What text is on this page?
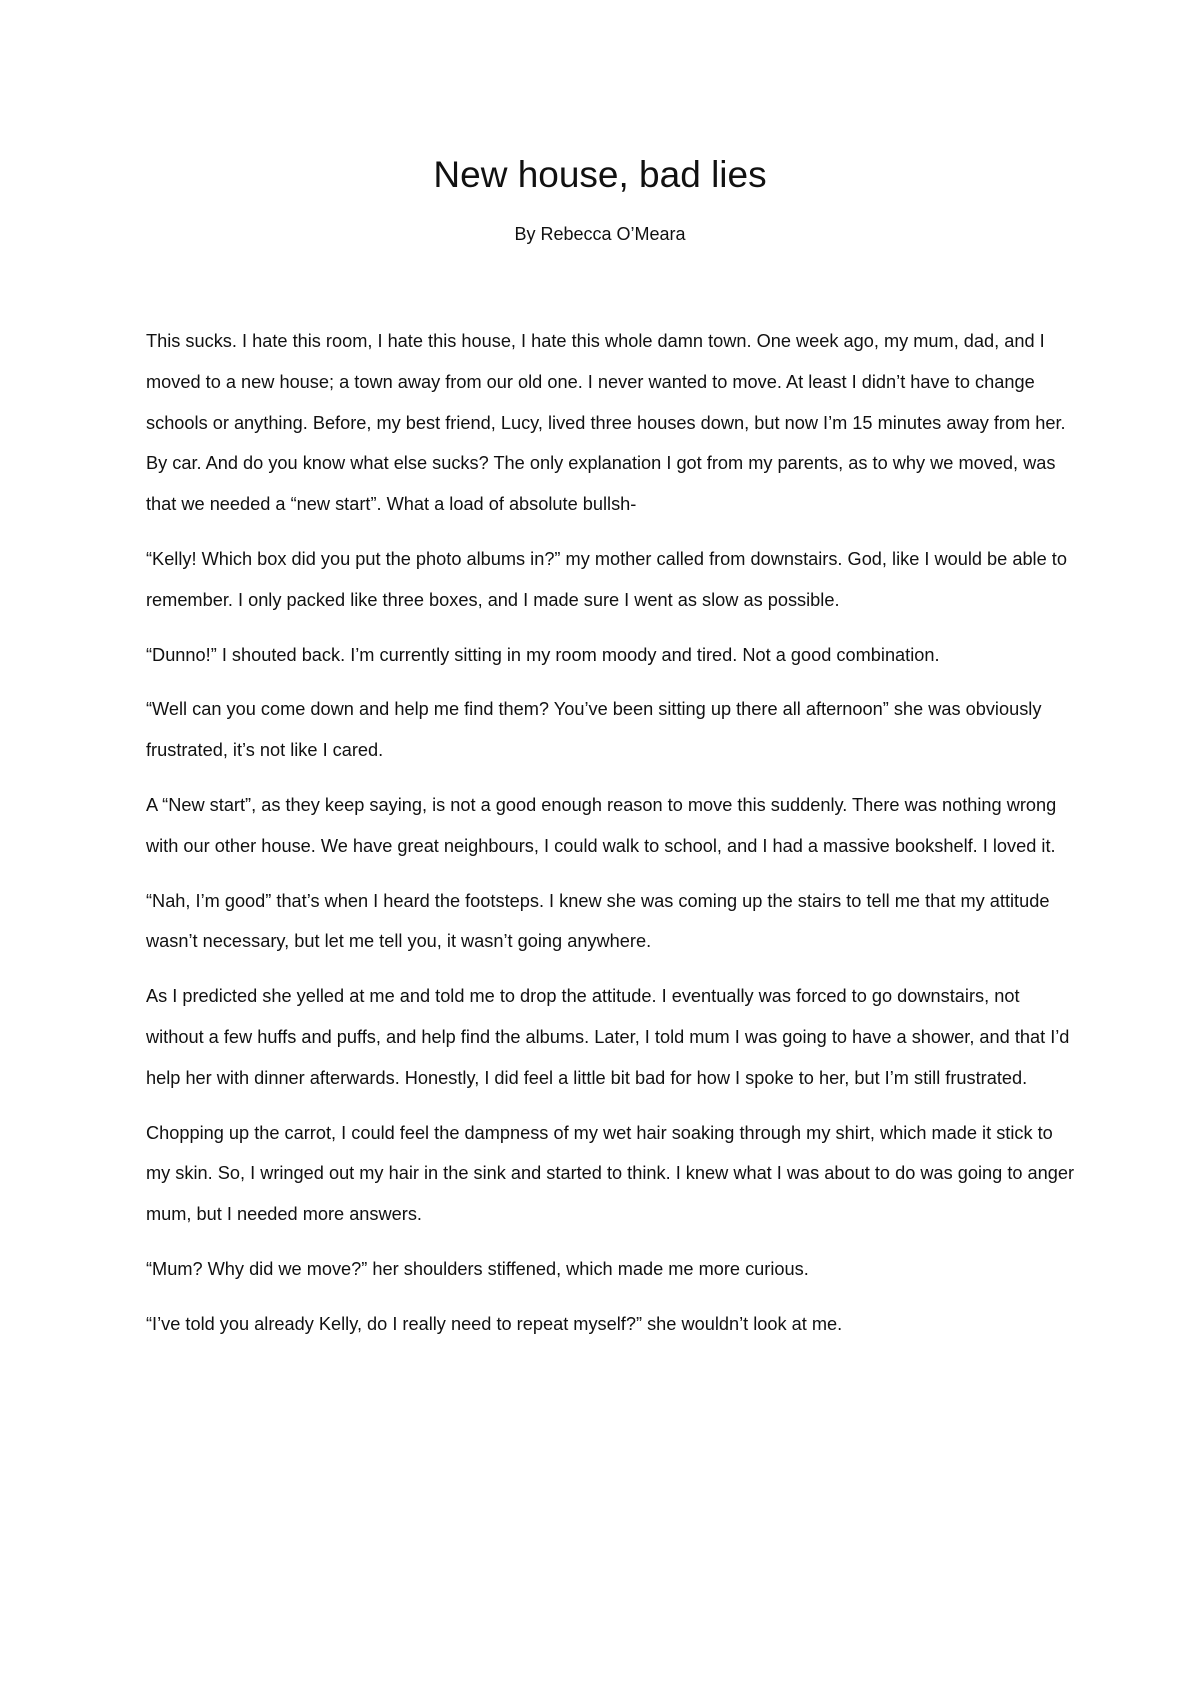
New house, bad lies

By Rebecca O’Meara

This sucks. I hate this room, I hate this house, I hate this whole damn town. One week ago, my mum, dad, and I moved to a new house; a town away from our old one. I never wanted to move. At least I didn’t have to change schools or anything. Before, my best friend, Lucy, lived three houses down, but now I’m 15 minutes away from her. By car. And do you know what else sucks? The only explanation I got from my parents, as to why we moved, was that we needed a “new start”. What a load of absolute bullsh-

“Kelly! Which box did you put the photo albums in?” my mother called from downstairs. God, like I would be able to remember. I only packed like three boxes, and I made sure I went as slow as possible.

“Dunno!” I shouted back. I’m currently sitting in my room moody and tired. Not a good combination.

“Well can you come down and help me find them? You’ve been sitting up there all afternoon” she was obviously frustrated, it’s not like I cared.

A “New start”, as they keep saying, is not a good enough reason to move this suddenly. There was nothing wrong with our other house. We have great neighbours, I could walk to school, and I had a massive bookshelf. I loved it.

“Nah, I’m good” that’s when I heard the footsteps. I knew she was coming up the stairs to tell me that my attitude wasn’t necessary, but let me tell you, it wasn’t going anywhere.

As I predicted she yelled at me and told me to drop the attitude. I eventually was forced to go downstairs, not without a few huffs and puffs, and help find the albums. Later, I told mum I was going to have a shower, and that I’d help her with dinner afterwards. Honestly, I did feel a little bit bad for how I spoke to her, but I’m still frustrated.

Chopping up the carrot, I could feel the dampness of my wet hair soaking through my shirt, which made it stick to my skin. So, I wringed out my hair in the sink and started to think. I knew what I was about to do was going to anger mum, but I needed more answers.

“Mum? Why did we move?” her shoulders stiffened, which made me more curious.

“I’ve told you already Kelly, do I really need to repeat myself?” she wouldn’t look at me.
